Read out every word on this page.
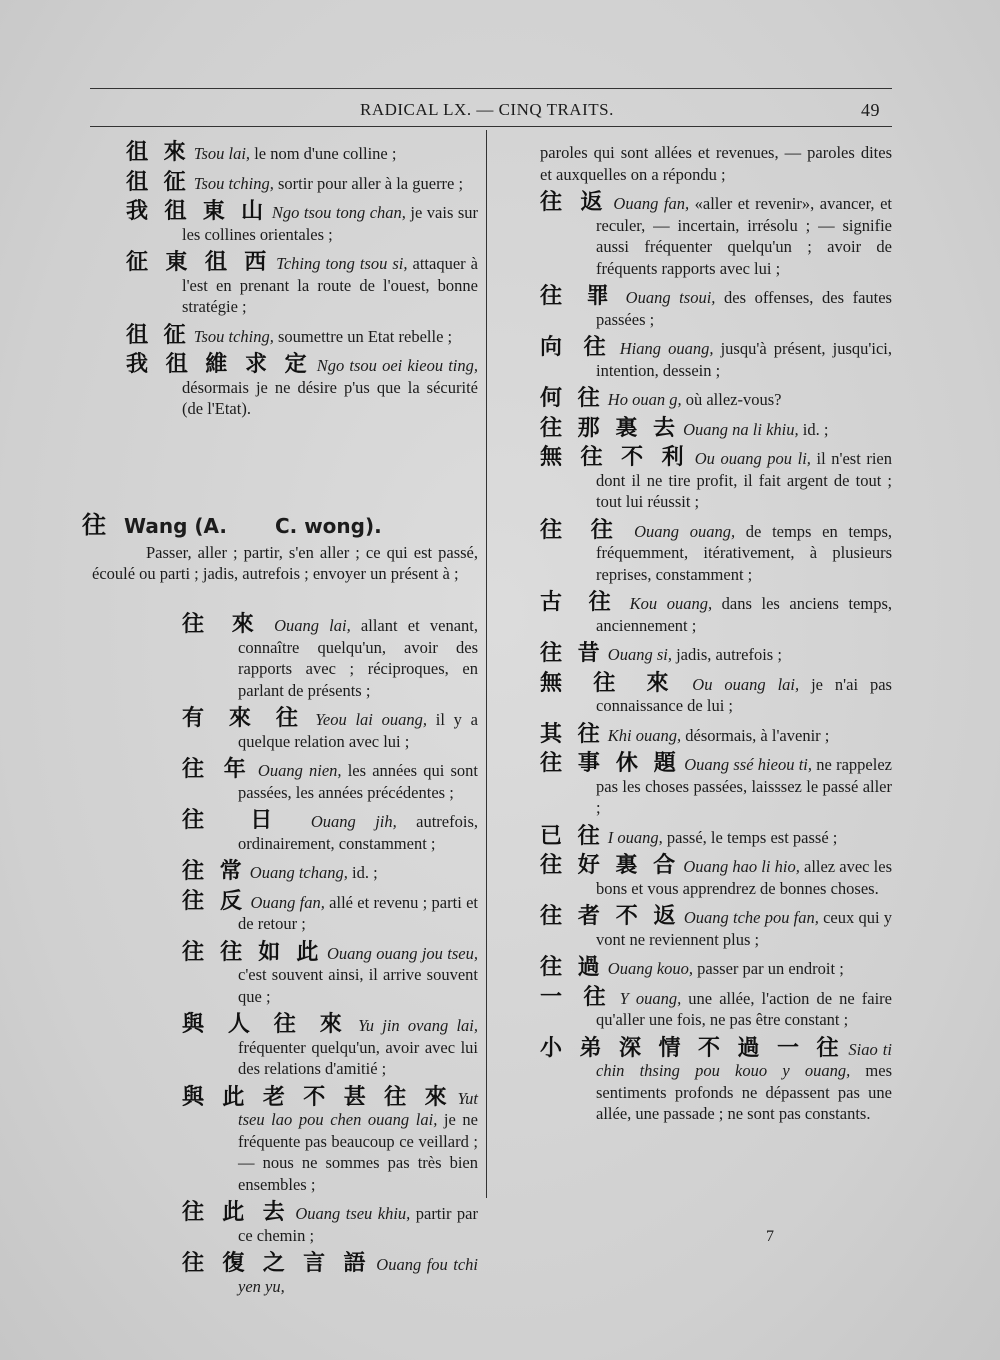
RADICAL LX. — CINQ TRAITS.	49
徂 來 Tsou lai, le nom d'une colline ;
徂 征 Tsou tching, sortir pour aller à la guerre ;
我 徂 東 山 Ngo tsou tong chan, je vais sur les collines orientales ;
征 東 徂 西 Tching tong tsou si, attaquer à l'est en prenant la route de l'ouest, bonne stratégie ;
徂 征 Tsou tching, soumettre un Etat rebelle ;
我 徂 維 求 定 Ngo tsou oei kieou ting, désormais je ne désire p'us que la sécurité (de l'Etat).
往 Wang (A. C. wong).
Passer, aller ; partir, s'en aller ; ce qui est passé, écoulé ou parti ; jadis, autrefois ; envoyer un présent à ;
往 來 Ouang lai, allant et venant, connaître quelqu'un, avoir des rapports avec ; réciproques, en parlant de présents ;
有 來 往 Yeou lai ouang, il y a quelque relation avec lui ;
往 年 Ouang nien, les années qui sont passées, les années précédentes ;
往 日 Ouang jih, autrefois, ordinairement, constamment ;
往 常 Ouang tchang, id. ;
往 反 Ouang fan, allé et revenu ; parti et de retour ;
往 往 如 此 Ouang ouang jou tseu, c'est souvent ainsi, il arrive souvent que ;
與 人 往 來 Yu jin ovang lai, fréquenter quelqu'un, avoir avec lui des relations d'amitié ;
與 此 老 不 甚 往 來 Yut tseu lao pou chen ouang lai, je ne fréquente pas beaucoup ce veillard ; — nous ne sommes pas très bien ensembles ;
往 此 去 Ouang tseu khiu, partir par ce chemin ;
往 復 之 言 語 Ouang fou tchi yen yu,
paroles qui sont allées et revenues, — paroles dites et auxquelles on a répondu ;
往 返 Ouang fan, «aller et revenir», avancer, et reculer, — incertain, irrésolu ; — signifie aussi fréquenter quelqu'un ; avoir de fréquents rapports avec lui ;
往 罪 Ouang tsoui, des offenses, des fautes passées ;
向 往 Hiang ouang, jusqu'à présent, jusqu'ici, intention, dessein ;
何 往 Ho ouan g, où allez-vous?
往 那 裏 去 Ouang na li khiu, id. ;
無 往 不 利 Ou ouang pou li, il n'est rien dont il ne tire profit, il fait argent de tout ; tout lui réussit ;
往 往 Ouang ouang, de temps en temps, fréquemment, itérativement, à plusieurs reprises, constamment ;
古 往 Kou ouang, dans les anciens temps, anciennement ;
往 昔 Ouang si, jadis, autrefois ;
無 往 來 Ou ouang lai, je n'ai pas connaissance de lui ;
其 往 Khi ouang, désormais, à l'avenir ;
往 事 休 題 Ouang ssé hieou ti, ne rappelez pas les choses passées, laisssez le passé aller ;
已 往 I ouang, passé, le temps est passé ;
往 好 裏 合 Ouang hao li hio, allez avec les bons et vous apprendrez de bonnes choses.
往 者 不 返 Ouang tche pou fan, ceux qui y vont ne reviennent plus ;
往 過 Ouang kouo, passer par un endroit ;
一 往 Y ouang, une allée, l'action de ne faire qu'aller une fois, ne pas être constant ;
小 弟 深 情 不 過 一 往 Siao ti chin thsing pou kouo y ouang, mes sentiments profonds ne dépassent pas une allée, une passade ; ne sont pas constants.
7
